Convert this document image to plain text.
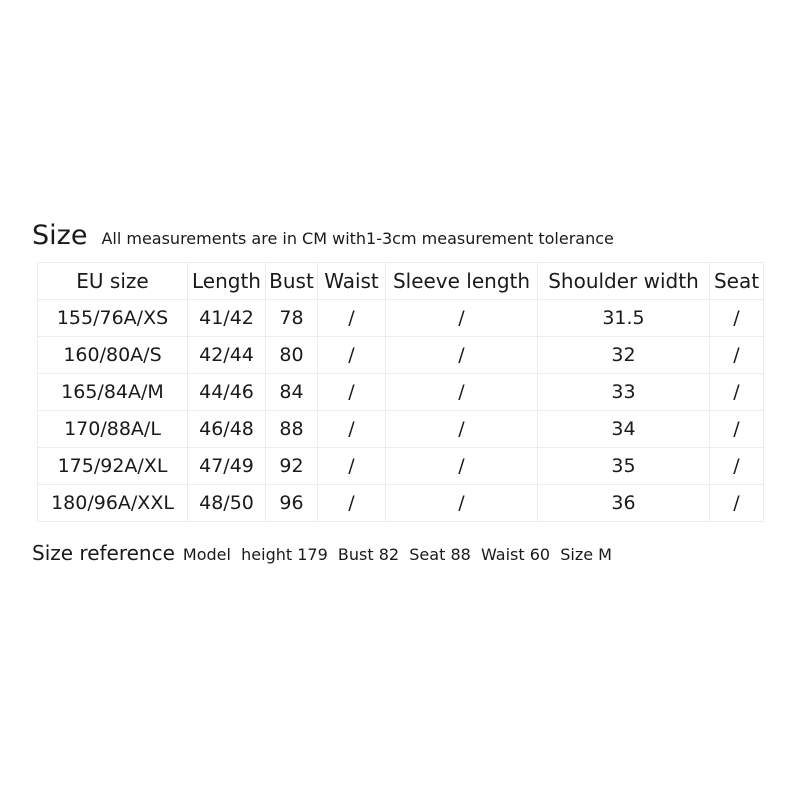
Size All measurements are in CM with1-3cm measurement tolerance
EU size	Length	Bust	Waist	Sleeve length	Shoulder width	Seat
155/76A/XS	41/42	78	/	/	31.5	/
160/80A/S	42/44	80	/	/	32	/
165/84A/M	44/46	84	/	/	33	/
170/88A/L	46/48	88	/	/	34	/
175/92A/XL	47/49	92	/	/	35	/
180/96A/XXL	48/50	96	/	/	36	/
Size reference Model  height 179  Bust 82  Seat 88  Waist 60  Size M
